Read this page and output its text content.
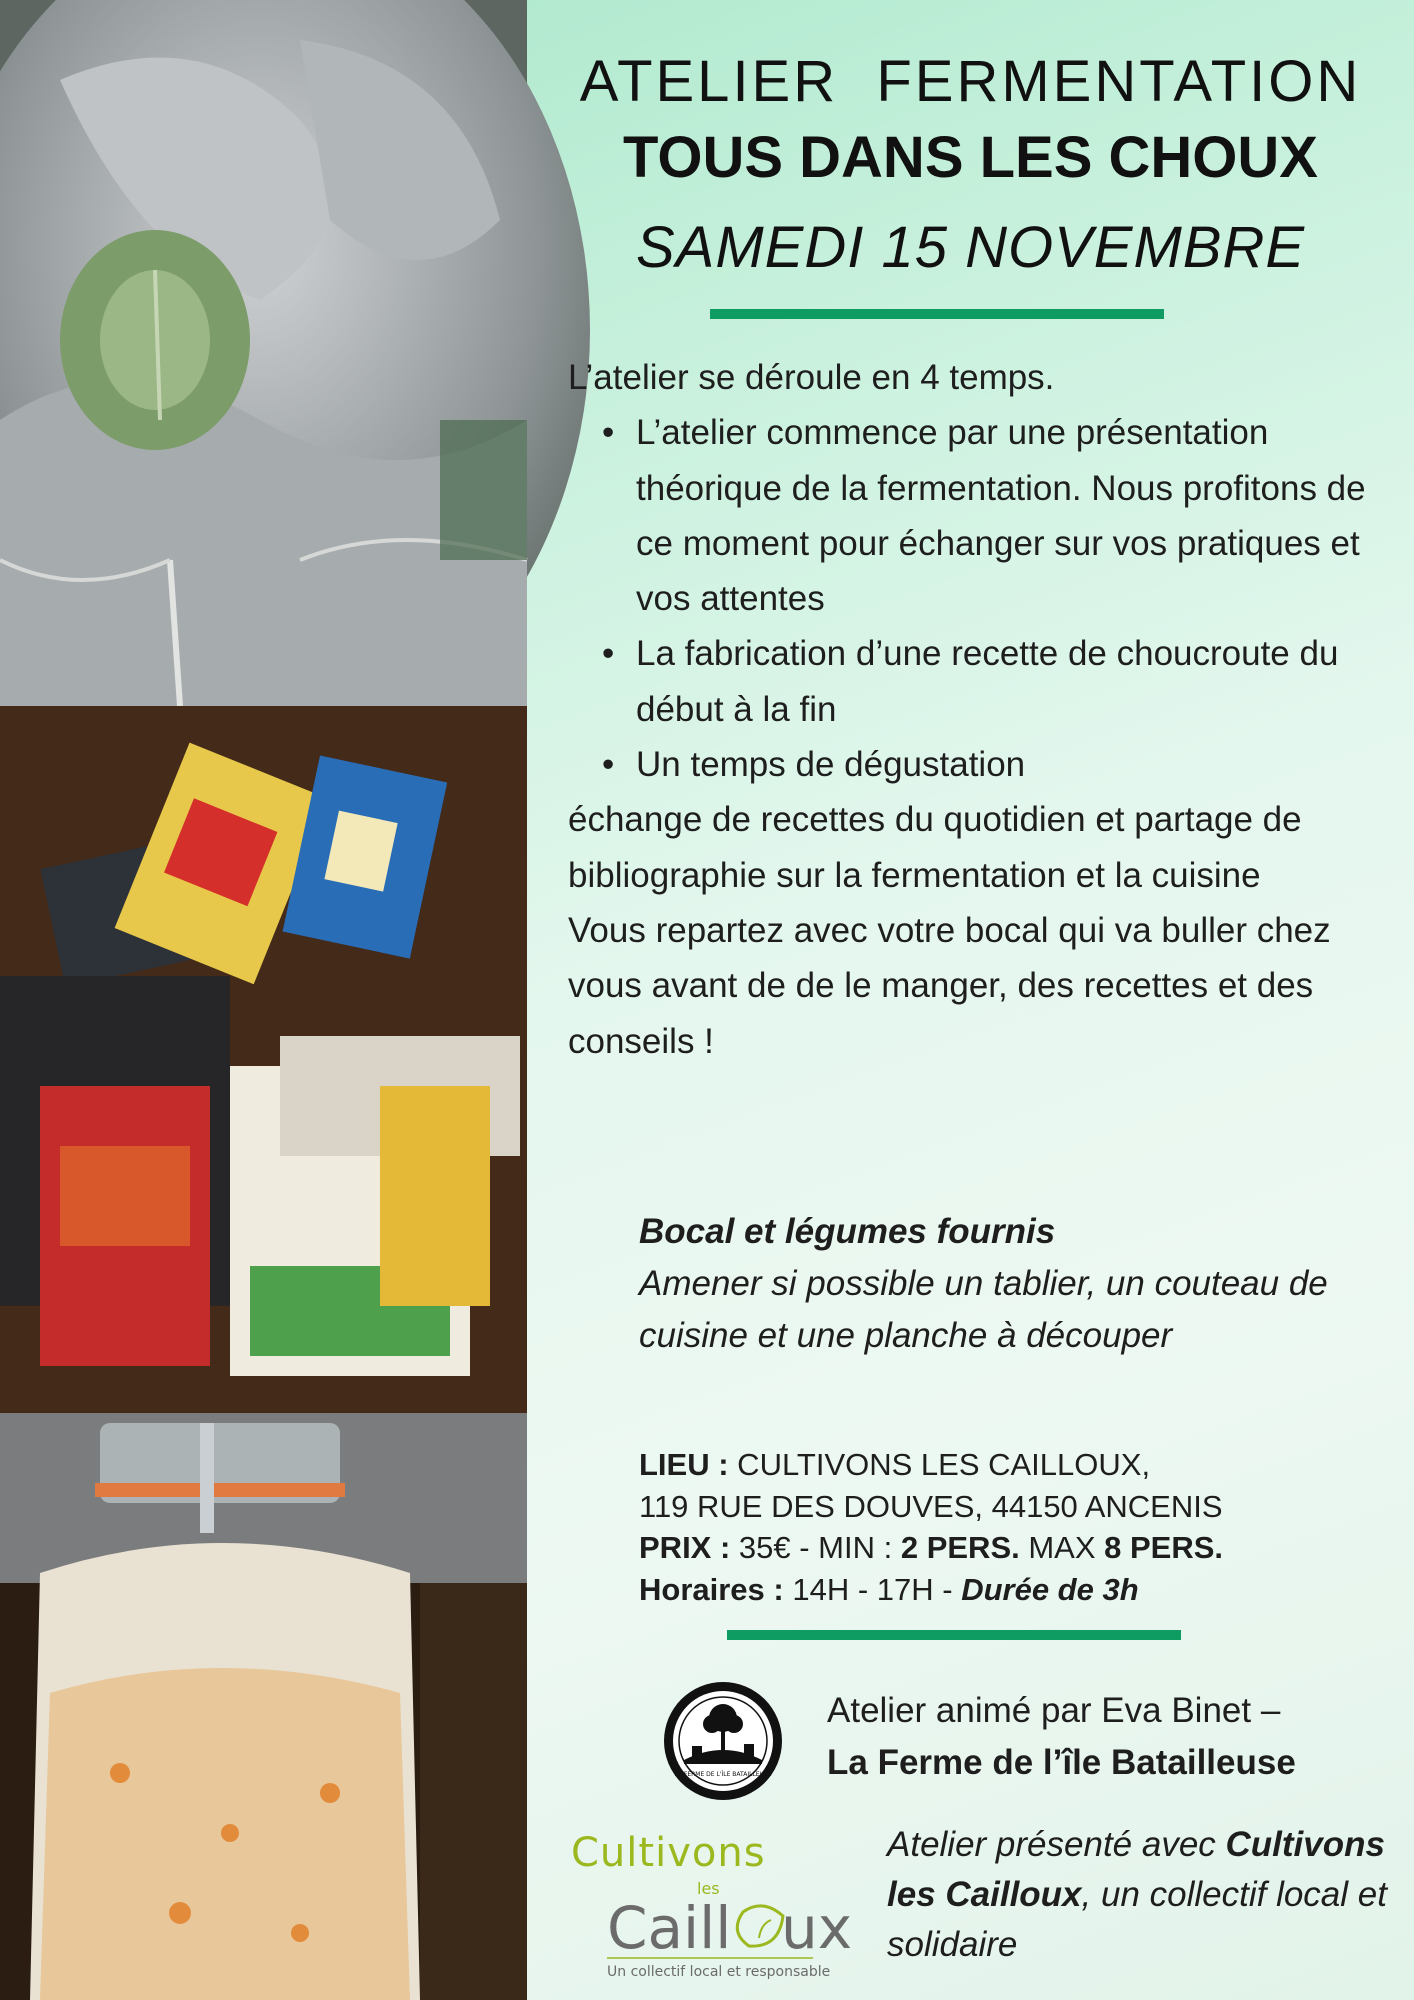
ATELIER  FERMENTATION
TOUS DANS LES CHOUX
SAMEDI 15 NOVEMBRE

L’atelier se déroule en 4 temps.

• L’atelier commence par une présentation théorique de la fermentation. Nous profitons de ce moment pour échanger sur vos pratiques et vos attentes
• La fabrication d’une recette de choucroute du début à la fin
• Un temps de dégustation

échange de recettes du quotidien et partage de bibliographie sur la fermentation et la cuisine

Vous repartez avec votre bocal qui va buller chez vous avant de de le manger, des recettes et des conseils !

Bocal et légumes fournis
Amener si possible un tablier, un couteau de cuisine et une planche à découper
LIEU : CULTIVONS LES CAILLOUX,
119 RUE DES DOUVES, 44150 ANCENIS
PRIX : 35€ - MIN : 2 PERS. MAX 8 PERS.
Horaires : 14H - 17H - Durée de 3h
LA FERME DE L'ÎLE BATAILLEUSE
Atelier animé par Eva Binet –
La Ferme de l’île Batailleuse
Cultivons
les
Caill ux
Un collectif local et responsable
Atelier présenté avec Cultivons les Cailloux, un collectif local et solidaire
